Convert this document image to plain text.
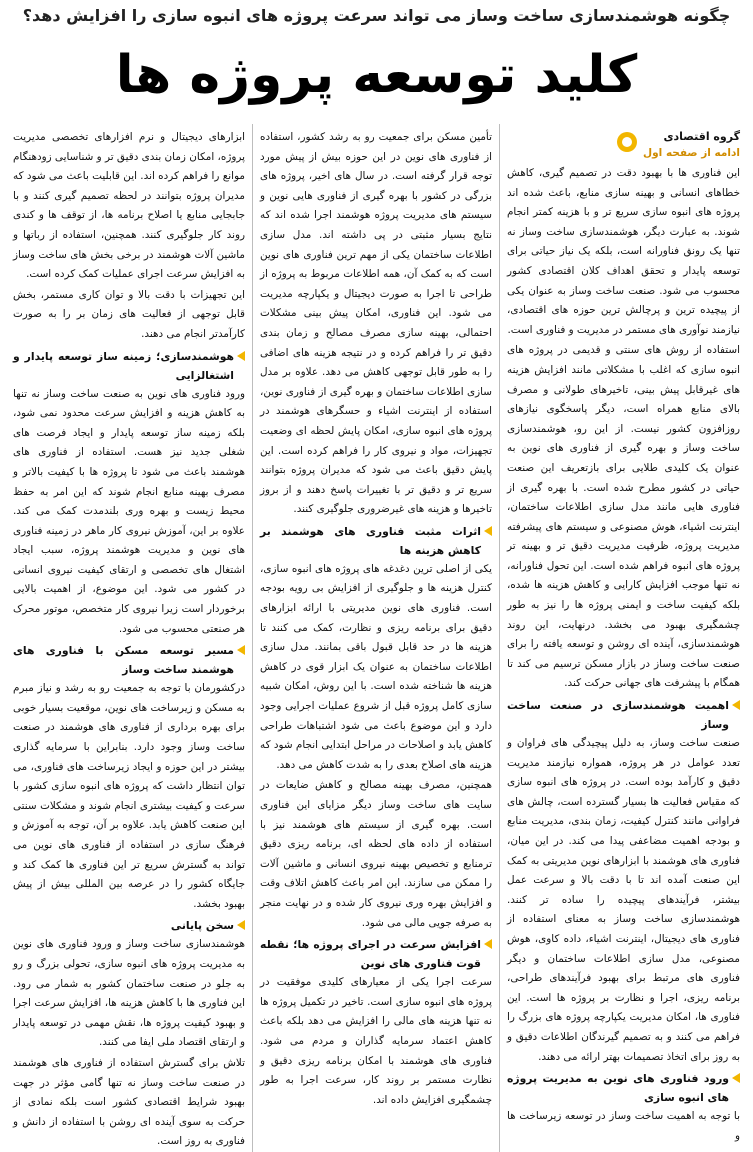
چگونه هوشمندسازی ساخت وساز می تواند سرعت پروژه های انبوه سازی را افزایش دهد؟
کلید توسعه پروژه ها
گروه اقتصادی
ادامه از صفحه اول

این فناوری ها با بهبود دقت در تصمیم گیری، کاهش خطاهای انسانی و بهینه سازی منابع، باعث شده اند پروژه های انبوه سازی سریع تر و با هزینه کمتر انجام شوند. به عبارت دیگر، هوشمندسازی ساخت وساز نه تنها یک رونق فناورانه است، بلکه یک نیاز حیاتی برای توسعه پایدار و تحقق اهداف کلان اقتصادی کشور محسوب می شود. صنعت ساخت وساز به عنوان یکی از پیچیده ترین و پرچالش ترین حوزه های اقتصادی، نیازمند نوآوری های مستمر در مدیریت و فناوری است.

استفاده از روش های سنتی و قدیمی در پروژه های انبوه سازی که اغلب با مشکلاتی مانند افزایش هزینه های غیرقابل پیش بینی، تاخیرهای طولانی و مصرف بالای منابع همراه است، دیگر پاسخگوی نیازهای روزافزون کشور نیست. از این رو، هوشمندسازی ساخت وساز و بهره گیری از فناوری های نوین به عنوان یک کلیدی طلایی برای بازتعریف این صنعت حیاتی در کشور مطرح شده است. با بهره گیری از فناوری هایی مانند مدل سازی اطلاعات ساختمان، اینترنت اشیاء، هوش مصنوعی و سیستم های پیشرفته مدیریت پروژه، ظرفیت مدیریت دقیق تر و بهینه تر پروژه های انبوه فراهم شده است. این تحول فناورانه، نه تنها موجب افزایش کارایی و کاهش هزینه ها شده، بلکه کیفیت ساخت و ایمنی پروژه ها را نیز به طور چشمگیری بهبود می بخشد. درنهایت، این روند هوشمندسازی، آینده ای روشن و توسعه یافته را برای صنعت ساخت وساز در بازار مسکن ترسیم می کند تا همگام با پیشرفت های جهانی حرکت کند.

اهمیت هوشمندسازی در صنعت ساخت وساز

صنعت ساخت وساز، به دلیل پیچیدگی های فراوان و تعدد عوامل در هر پروژه، همواره نیازمند مدیریت دقیق و کارآمد بوده است. در پروژه های انبوه سازی که مقیاس فعالیت ها بسیار گسترده است، چالش های فراوانی مانند کنترل کیفیت، زمان بندی، مدیریت منابع و بودجه اهمیت مضاعفی پیدا می کند. در این میان، فناوری های هوشمند با ابزارهای نوین مدیریتی به کمک این صنعت آمده اند تا با دقت بالا و سرعت عمل بیشتر، فرآیندهای پیچیده را ساده تر کنند. هوشمندسازی ساخت وساز به معنای استفاده از فناوری های دیجیتال، اینترنت اشیاء، داده کاوی، هوش مصنوعی، مدل سازی اطلاعات ساختمان و دیگر فناوری های مرتبط برای بهبود فرآیندهای طراحی، برنامه ریزی، اجرا و نظارت بر پروژه ها است. این فناوری ها، امکان مدیریت یکپارچه پروژه های بزرگ را فراهم می کنند و به تصمیم گیرندگان اطلاعات دقیق و به روز برای اتخاذ تصمیمات بهتر ارائه می دهند.

ورود فناوری های نوین به مدیریت پروژه های انبوه سازی

با توجه به اهمیت ساخت وساز در توسعه زیرساخت ها و

تأمین مسکن برای جمعیت رو به رشد کشور، استفاده از فناوری های نوین در این حوزه بیش از پیش مورد توجه قرار گرفته است. در سال های اخیر، پروژه های بزرگی در کشور با بهره گیری از فناوری هایی نوین و سیستم های مدیریت پروژه هوشمند اجرا شده اند که نتایج بسیار مثبتی در پی داشته اند. مدل سازی اطلاعات ساختمان یکی از مهم ترین فناوری های نوین است که به کمک آن، همه اطلاعات مربوط به پروژه از طراحی تا اجرا به صورت دیجیتال و یکپارچه مدیریت می شود. این فناوری، امکان پیش بینی مشکلات احتمالی، بهینه سازی مصرف مصالح و زمان بندی دقیق تر را فراهم کرده و در نتیجه هزینه های اضافی را به طور قابل توجهی کاهش می دهد. علاوه بر مدل سازی اطلاعات ساختمان و بهره گیری از فناوری نوین، استفاده از اینترنت اشیاء و حسگرهای هوشمند در پروژه های انبوه سازی، امکان پایش لحظه ای وضعیت تجهیزات، مواد و نیروی کار را فراهم کرده است. این پایش دقیق باعث می شود که مدیران پروژه بتوانند سریع تر و دقیق تر با تغییرات پاسخ دهند و از بروز تاخیرها و هزینه های غیرضروری جلوگیری کنند.

اثرات مثبت فناوری های هوشمند بر کاهش هزینه ها

یکی از اصلی ترین دغدغه های پروژه های انبوه سازی، کنترل هزینه ها و جلوگیری از افزایش بی رویه بودجه است. فناوری های نوین مدیریتی با ارائه ابزارهای دقیق برای برنامه ریزی و نظارت، کمک می کنند تا هزینه ها در حد قابل قبول باقی بمانند. مدل سازی اطلاعات ساختمان به عنوان یک ابزار قوی در کاهش هزینه ها شناخته شده است. با این روش، امکان شبیه سازی کامل پروژه قبل از شروع عملیات اجرایی وجود دارد و این موضوع باعث می شود اشتباهات طراحی کاهش یابد و اصلاحات در مراحل ابتدایی انجام شود که هزینه های اصلاح بعدی را به شدت کاهش می دهد.

همچنین، مصرف بهینه مصالح و کاهش ضایعات در سایت های ساخت وساز دیگر مزایای این فناوری است. بهره گیری از سیستم های هوشمند نیز با استفاده از داده های لحظه ای، برنامه ریزی دقیق ترمنابع و تخصیص بهینه نیروی انسانی و ماشین آلات را ممکن می سازند. این امر باعث کاهش اتلاف وقت و افزایش بهره وری نیروی کار شده و در نهایت منجر به صرفه جویی مالی می شود.

افزایش سرعت در اجرای پروژه ها؛ نقطه قوت فناوری های نوین

سرعت اجرا یکی از معیارهای کلیدی موفقیت در پروژه های انبوه سازی است. تاخیر در تکمیل پروژه ها نه تنها هزینه های مالی را افزایش می دهد بلکه باعث کاهش اعتماد سرمایه گذاران و مردم می شود. فناوری های هوشمند با امکان برنامه ریزی دقیق و نظارت مستمر بر روند کار، سرعت اجرا به طور چشمگیری افزایش داده اند.

ابزارهای دیجیتال و نرم افزارهای تخصصی مدیریت پروژه، امکان زمان بندی دقیق تر و شناسایی زودهنگام موانع را فراهم کرده اند. این قابلیت باعث می شود که مدیران پروژه بتوانند در لحظه تصمیم گیری کنند و با جابجایی منابع یا اصلاح برنامه ها، از توقف ها و کندی روند کار جلوگیری کنند. همچنین، استفاده از رباتها و ماشین آلات هوشمند در برخی بخش های ساخت وساز به افزایش سرعت اجرای عملیات کمک کرده است.

این تجهیزات با دقت بالا و توان کاری مستمر، بخش قابل توجهی از فعالیت های زمان بر را به صورت کارآمدتر انجام می دهند.

هوشمندسازی؛ زمینه ساز توسعه پایدار و اشتغالزایی

ورود فناوری های نوین به صنعت ساخت وساز نه تنها به کاهش هزینه و افزایش سرعت محدود نمی شود، بلکه زمینه ساز توسعه پایدار و ایجاد فرصت های شغلی جدید نیز هست. استفاده از فناوری های هوشمند باعث می شود تا پروژه ها با کیفیت بالاتر و مصرف بهینه منابع انجام شوند که این امر به حفظ محیط زیست و بهره وری بلندمدت کمک می کند. علاوه بر این، آموزش نیروی کار ماهر در زمینه فناوری های نوین و مدیریت هوشمند پروژه، سبب ایجاد اشتغال های تخصصی و ارتقای کیفیت نیروی انسانی در کشور می شود. این موضوع، از اهمیت بالایی برخوردار است زیرا نیروی کار متخصص، موتور محرک هر صنعتی محسوب می شود.

مسیر توسعه مسکن با فناوری های هوشمند ساخت وساز

درکشورمان با توجه به جمعیت رو به رشد و نیاز مبرم به مسکن و زیرساخت های نوین، موقعیت بسیار خوبی برای بهره برداری از فناوری های هوشمند در صنعت ساخت وساز وجود دارد. بنابراین با سرمایه گذاری بیشتر در این حوزه و ایجاد زیرساخت های فناوری، می توان انتظار داشت که پروژه های انبوه سازی کشور با سرعت و کیفیت بیشتری انجام شوند و مشکلات سنتی این صنعت کاهش یابد. علاوه بر آن، توجه به آموزش و فرهنگ سازی در استفاده از فناوری های نوین می تواند به گسترش سریع تر این فناوری ها کمک کند و جایگاه کشور را در عرصه بین المللی بیش از پیش بهبود بخشد.

سخن پایانی

هوشمندسازی ساخت وساز و ورود فناوری های نوین به مدیریت پروژه های انبوه سازی، تحولی بزرگ و رو به جلو در صنعت ساختمان کشور به شمار می رود. این فناوری ها با کاهش هزینه ها، افزایش سرعت اجرا و بهبود کیفیت پروژه ها، نقش مهمی در توسعه پایدار و ارتقای اقتصاد ملی ایفا می کنند.

تلاش برای گسترش استفاده از فناوری های هوشمند در صنعت ساخت وساز نه تنها گامی مؤثر در جهت بهبود شرایط اقتصادی کشور است بلکه نمادی از حرکت به سوی آینده ای روشن با استفاده از دانش و فناوری به روز است.
